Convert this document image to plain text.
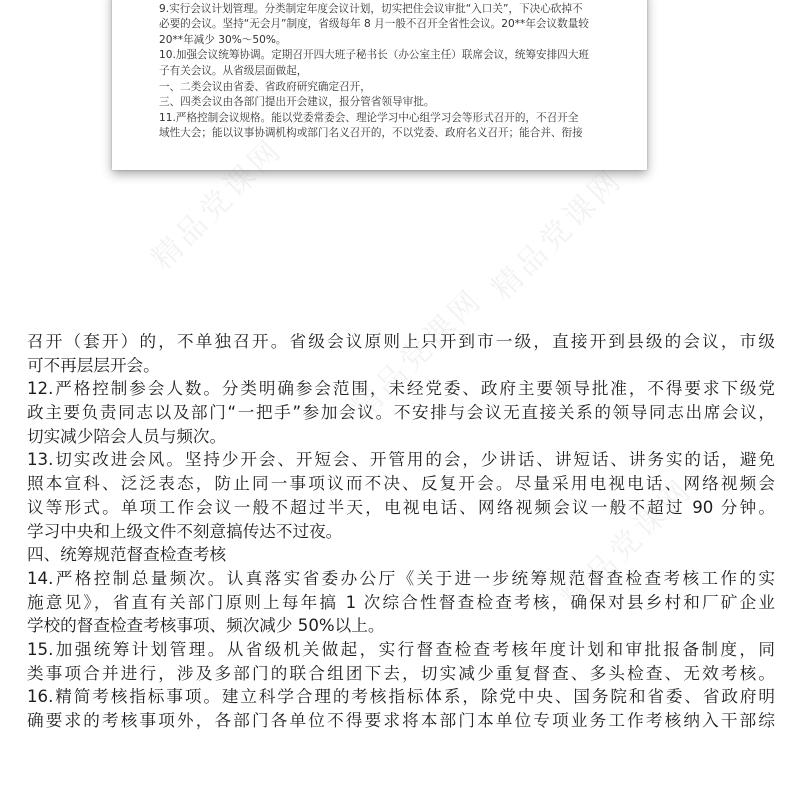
9.实行会议计划管理。分类制定年度会议计划，切实把住会议审批“入口关”，下决心砍掉不
必要的会议。坚持“无会月”制度，省级每年 8 月一般不召开全省性会议。20**年会议数量较
20**年减少 30%～50%。
10.加强会议统筹协调。定期召开四大班子秘书长（办公室主任）联席会议，统筹安排四大班
子有关会议。从省级层面做起，
一、二类会议由省委、省政府研究确定召开，
三、四类会议由各部门提出开会建议，报分管省领导审批。
11.严格控制会议规格。能以党委常委会、理论学习中心组学习会等形式召开的，不召开全
域性大会；能以议事协调机构或部门名义召开的，不以党委、政府名义召开；能合并、衔接
精品党课网	精品党课网
精品党课网
精品党课网
召开（套开）的，不单独召开。省级会议原则上只开到市一级，直接开到县级的会议，市级
可不再层层开会。
12.严格控制参会人数。分类明确参会范围，未经党委、政府主要领导批准，不得要求下级党
政主要负责同志以及部门“一把手”参加会议。不安排与会议无直接关系的领导同志出席会议，
切实减少陪会人员与频次。
13.切实改进会风。坚持少开会、开短会、开管用的会，少讲话、讲短话、讲务实的话，避免
照本宣科、泛泛表态，防止同一事项议而不决、反复开会。尽量采用电视电话、网络视频会
议等形式。单项工作会议一般不超过半天，电视电话、网络视频会议一般不超过 90 分钟。
学习中央和上级文件不刻意搞传达不过夜。
四、统筹规范督查检查考核
14.严格控制总量频次。认真落实省委办公厅《关于进一步统筹规范督查检查考核工作的实
施意见》，省直有关部门原则上每年搞 1 次综合性督查检查考核，确保对县乡村和厂矿企业
学校的督查检查考核事项、频次减少 50%以上。
15.加强统筹计划管理。从省级机关做起，实行督查检查考核年度计划和审批报备制度，同
类事项合并进行，涉及多部门的联合组团下去，切实减少重复督查、多头检查、无效考核。
16.精简考核指标事项。建立科学合理的考核指标体系，除党中央、国务院和省委、省政府明
确要求的考核事项外，各部门各单位不得要求将本部门本单位专项业务工作考核纳入干部综
